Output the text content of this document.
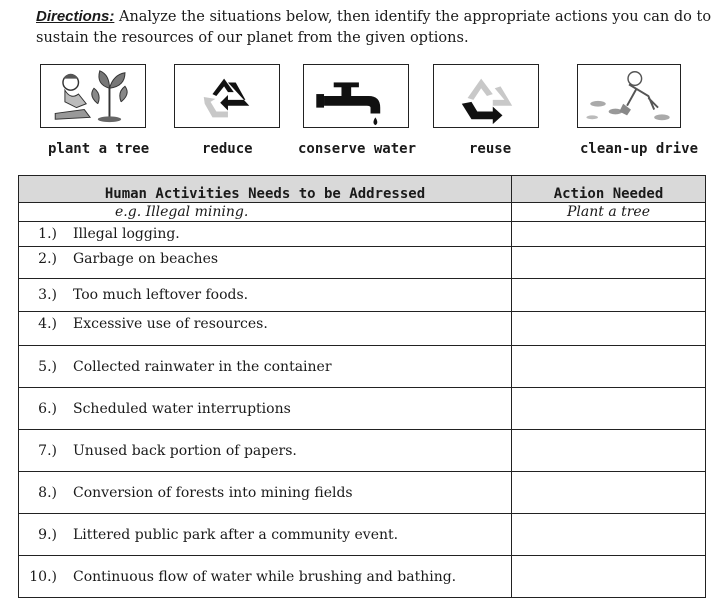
Directions: Analyze the situations below, then identify the appropriate actions you can do to sustain the resources of our planet from the given options.
plant a tree	reduce	conserve water	reuse	clean-up drive
Human Activities Needs to be Addressed	Action Needed
e.g. Illegal mining.	Plant a tree
1.) Illegal logging.	
2.) Garbage on beaches	
3.) Too much leftover foods.	
4.) Excessive use of resources.	
5.) Collected rainwater in the container	
6.) Scheduled water interruptions	
7.) Unused back portion of papers.	
8.) Conversion of forests into mining fields	
9.) Littered public park after a community event.	
10.) Continuous flow of water while brushing and bathing.	
